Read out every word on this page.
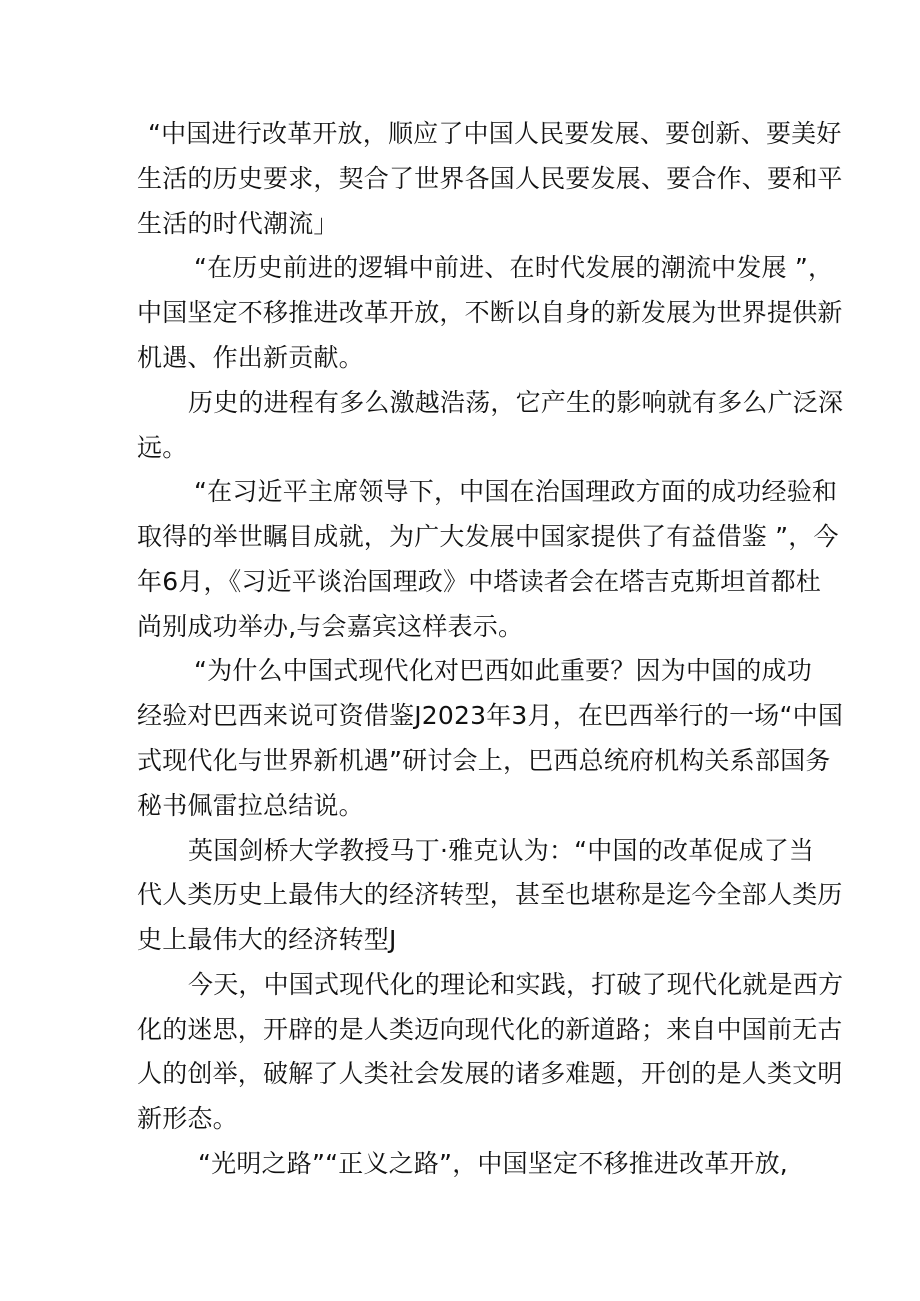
“中国进行改革开放，顺应了中国人民要发展、要创新、要美好
生活的历史要求，契合了世界各国人民要发展、要合作、要和平
生活的时代潮流」
“在历史前进的逻辑中前进、在时代发展的潮流中发展 ”，
中国坚定不移推进改革开放，不断以自身的新发展为世界提供新
机遇、作出新贡献。
历史的进程有多么激越浩荡，它产生的影响就有多么广泛深
远。
“在习近平主席领导下，中国在治国理政方面的成功经验和
取得的举世瞩目成就，为广大发展中国家提供了有益借鉴 ”，今
年6月，《习近平谈治国理政》中塔读者会在塔吉克斯坦首都杜
尚别成功举办,与会嘉宾这样表示。
“为什么中国式现代化对巴西如此重要？因为中国的成功
经验对巴西来说可资借鉴J2023年3月，在巴西举行的一场“中国
式现代化与世界新机遇”研讨会上，巴西总统府机构关系部国务
秘书佩雷拉总结说。
英国剑桥大学教授马丁·雅克认为：“中国的改革促成了当
代人类历史上最伟大的经济转型，甚至也堪称是迄今全部人类历
史上最伟大的经济转型J
今天，中国式现代化的理论和实践，打破了现代化就是西方
化的迷思，开辟的是人类迈向现代化的新道路；来自中国前无古
人的创举，破解了人类社会发展的诸多难题，开创的是人类文明
新形态。
“光明之路”“正义之路”，中国坚定不移推进改革开放,
